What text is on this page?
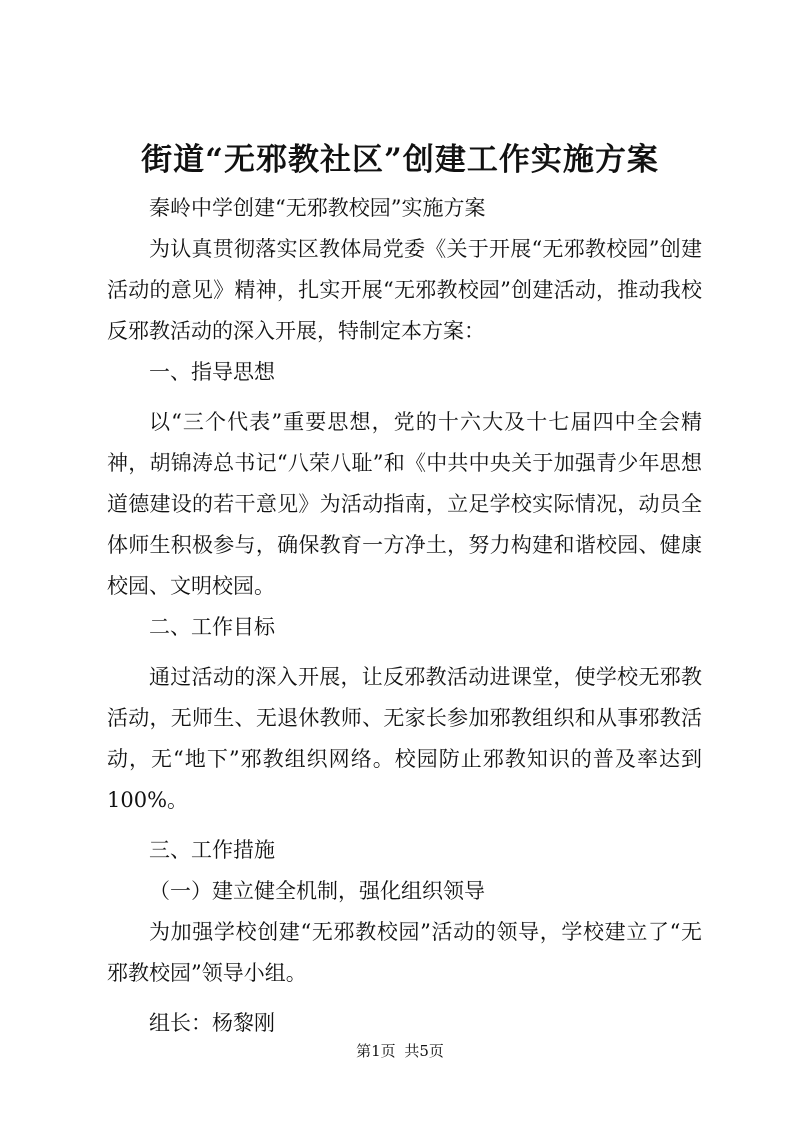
街道“无邪教社区”创建工作实施方案

秦岭中学创建“无邪教校园”实施方案

为认真贯彻落实区教体局党委《关于开展“无邪教校园”创建活动的意见》精神，扎实开展“无邪教校园”创建活动，推动我校反邪教活动的深入开展，特制定本方案：

一、指导思想

以“三个代表”重要思想，党的十六大及十七届四中全会精神，胡锦涛总书记“八荣八耻”和《中共中央关于加强青少年思想道德建设的若干意见》为活动指南，立足学校实际情况，动员全体师生积极参与，确保教育一方净土，努力构建和谐校园、健康校园、文明校园。

二、工作目标

通过活动的深入开展，让反邪教活动进课堂，使学校无邪教活动，无师生、无退休教师、无家长参加邪教组织和从事邪教活动，无“地下”邪教组织网络。校园防止邪教知识的普及率达到100%。

三、工作措施

（一）建立健全机制，强化组织领导

为加强学校创建“无邪教校园”活动的领导，学校建立了“无邪教校园”领导小组。

组长：杨黎刚

第1页 共5页
